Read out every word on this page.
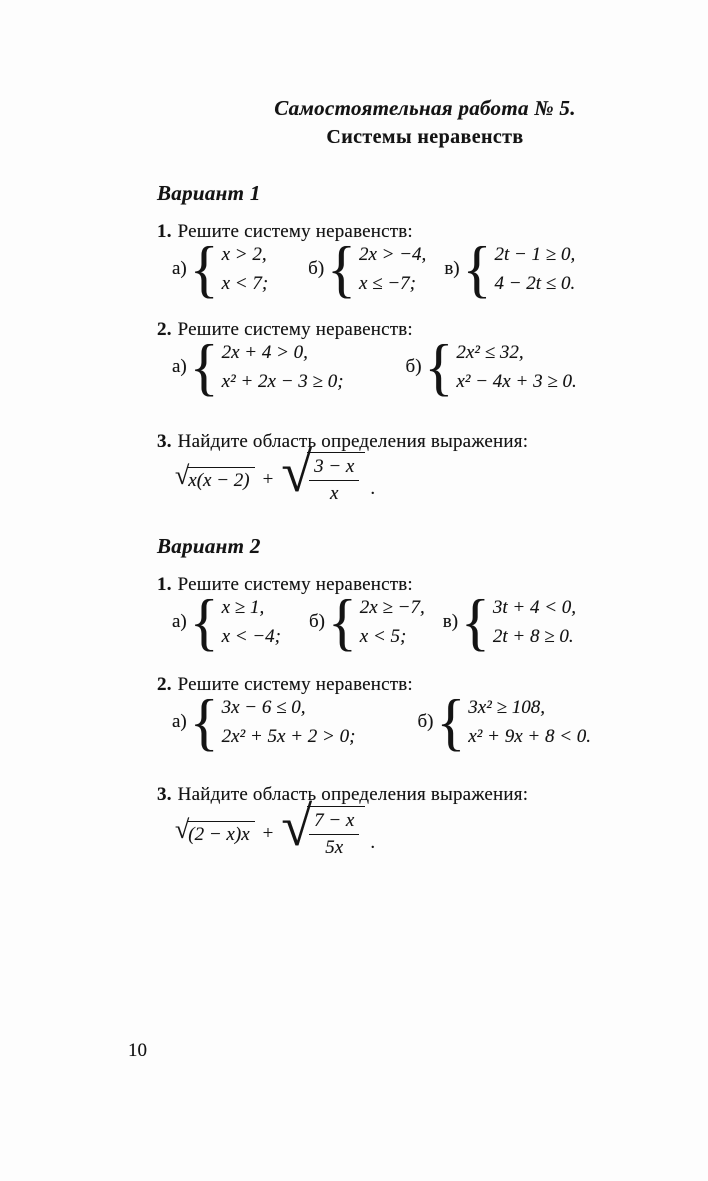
Самостоятельная работа № 5.
Системы неравенств
Вариант 1
1. Решите систему неравенств:
а) { x > 2,
x < 7;
б) { 2x > −4,
x ≤ −7;
в) { 2t − 1 ≥ 0,
4 − 2t ≤ 0.
2. Решите систему неравенств:
а) { 2x + 4 > 0,
x² + 2x − 3 ≥ 0;
б) { 2x² ≤ 32,
x² − 4x + 3 ≥ 0.
3. Найдите область определения выражения:
√ x(x − 2) + √ $\frac{3 - x}{x}$ .
Вариант 2
1. Решите систему неравенств:
а) { x ≥ 1,
x < −4;
б) { 2x ≥ −7,
x < 5;
в) { 3t + 4 < 0,
2t + 8 ≥ 0.
2. Решите систему неравенств:
а) { 3x − 6 ≤ 0,
2x² + 5x + 2 > 0;
б) { 3x² ≥ 108,
x² + 9x + 8 < 0.
3. Найдите область определения выражения:
√ (2 − x)x + √ $\frac{7 - x}{5x}$ .
10
